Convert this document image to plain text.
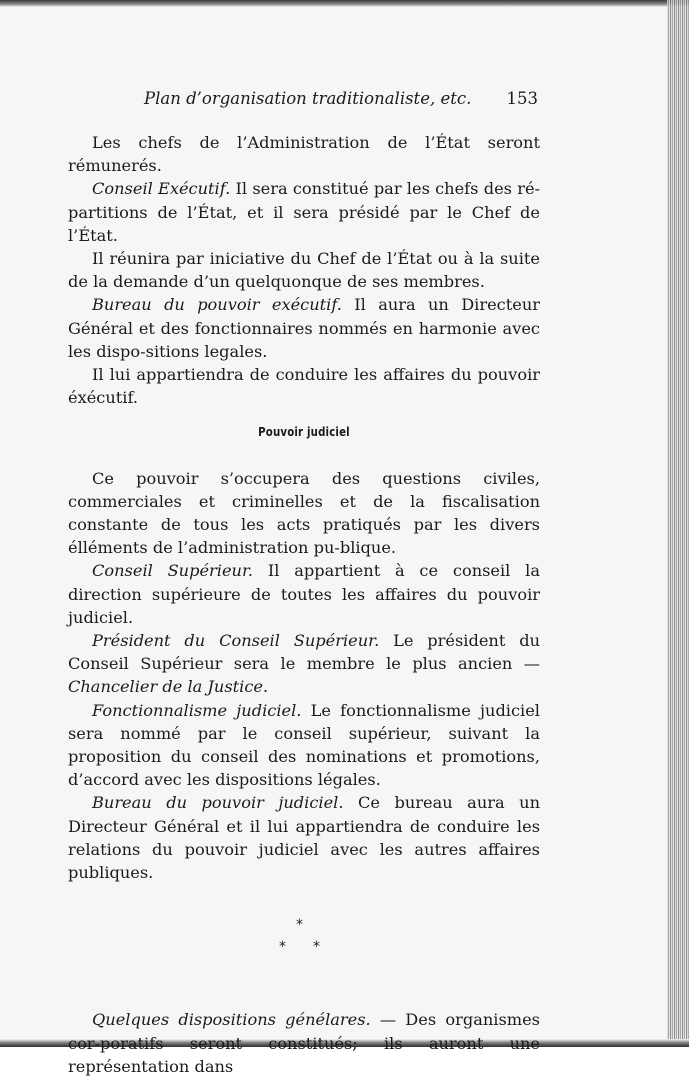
Plan d’organisation traditionaliste, etc. 153

Les chefs de l’Administration de l’État seront rémunerés.

Conseil Exécutif. Il sera constitué par les chefs des ré-partitions de l’État, et il sera présidé par le Chef de l’État.

Il réunira par iniciative du Chef de l’État ou à la suite de la demande d’un quelquonque de ses membres.

Bureau du pouvoir exécutif. Il aura un Directeur Général et des fonctionnaires nommés en harmonie avec les dispo-sitions legales.

Il lui appartiendra de conduire les affaires du pouvoir éxécutif.

Pouvoir judiciel

Ce pouvoir s’occupera des questions civiles, commerciales et criminelles et de la fiscalisation constante de tous les acts pratiqués par les divers élléments de l’administration pu-blique.

Conseil Supérieur. Il appartient à ce conseil la direction supérieure de toutes les affaires du pouvoir judiciel.

Président du Conseil Supérieur. Le président du Conseil Supérieur sera le membre le plus ancien — Chancelier de la Justice.

Fonctionnalisme judiciel. Le fonctionnalisme judiciel sera nommé par le conseil supérieur, suivant la proposition du conseil des nominations et promotions, d’accord avec les dispositions légales.

Bureau du pouvoir judiciel. Ce bureau aura un Directeur Général et il lui appartiendra de conduire les relations du pouvoir judiciel avec les autres affaires publiques.

*
* *

Quelques dispositions génélares. — Des organismes cor-poratifs seront constitués; ils auront une représentation dans
